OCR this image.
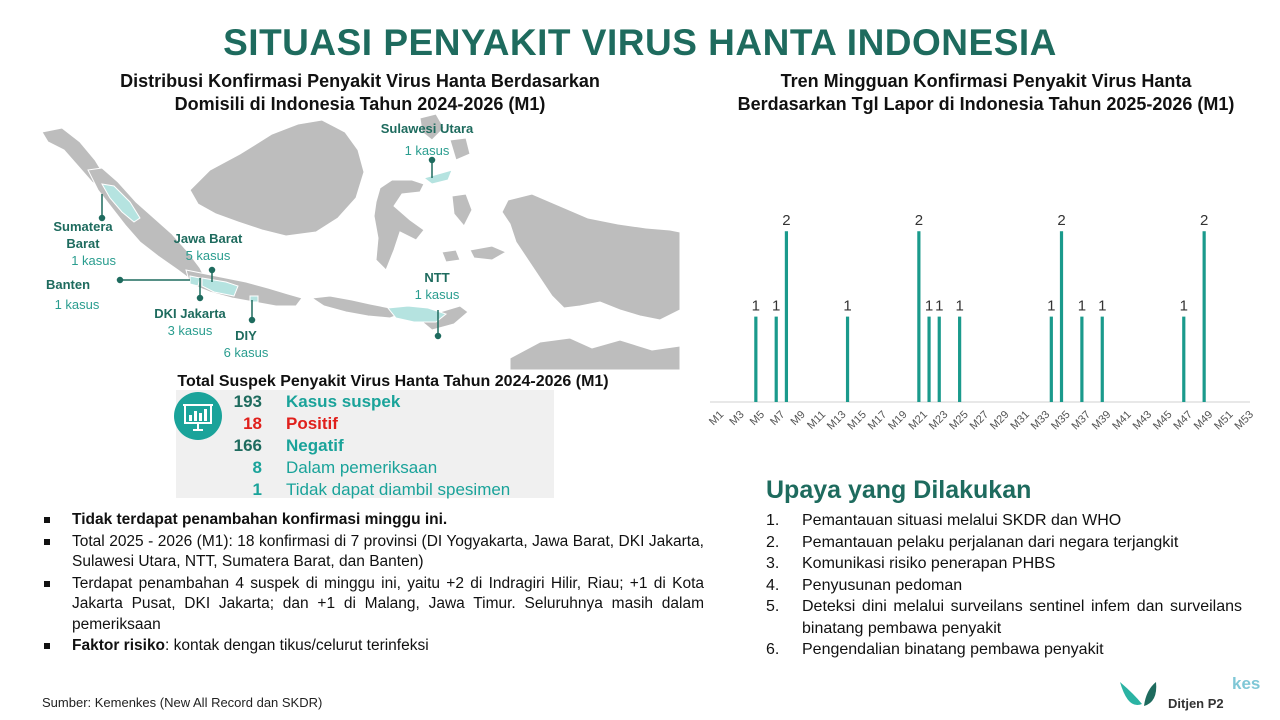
SITUASI PENYAKIT VIRUS HANTA INDONESIA
Distribusi Konfirmasi Penyakit Virus Hanta Berdasarkan
Domisili di Indonesia Tahun 2024-2026 (M1)
Sulawesi Utara
1 kasus
Sumatera
Barat
1 kasus
Jawa Barat
5 kasus
Banten
1 kasus
DKI Jakarta
3 kasus	DIY
6 kasus
NTT
1 kasus
Total Suspek Penyakit Virus Hanta Tahun 2024-2026 (M1)
193 Kasus suspek
18 Positif
166 Negatif
8 Dalam pemeriksaan
1 Tidak dapat diambil spesimen
Tren Mingguan Konfirmasi Penyakit Virus Hanta
Berdasarkan Tgl Lapor di Indonesia Tahun 2025-2026 (M1)
1 1
2
1
2
1 1 1	1
2
1 1	1
2
M1 M3 M5 M7 M9
M11
M13
M15
M17
M19
M21
M23
M25
M27
M29
M31
M33
M35
M37
M39
M41
M43
M45
M47
M49
M51
M53
Tidak terdapat penambahan konfirmasi minggu ini.
Total 2025 - 2026 (M1): 18 konfirmasi di 7 provinsi (DI Yogyakarta, Jawa Barat, DKI Jakarta, Sulawesi Utara, NTT, Sumatera Barat, dan Banten)
Terdapat penambahan 4 suspek di minggu ini, yaitu +2 di Indragiri Hilir, Riau; +1 di Kota Jakarta Pusat, DKI Jakarta; dan +1 di Malang, Jawa Timur. Seluruhnya masih dalam pemeriksaan
Faktor risiko: kontak dengan tikus/celurut terinfeksi
Upaya yang Dilakukan
1. Pemantauan situasi melalui SKDR dan WHO
2. Pemantauan pelaku perjalanan dari negara terjangkit
3. Komunikasi risiko penerapan PHBS
4. Penyusunan pedoman
5. Deteksi dini melalui surveilans sentinel infem dan surveilans binatang pembawa penyakit
6. Pengendalian binatang pembawa penyakit
Sumber: Kemenkes (New All Record dan SKDR)
kes
Ditjen P2
